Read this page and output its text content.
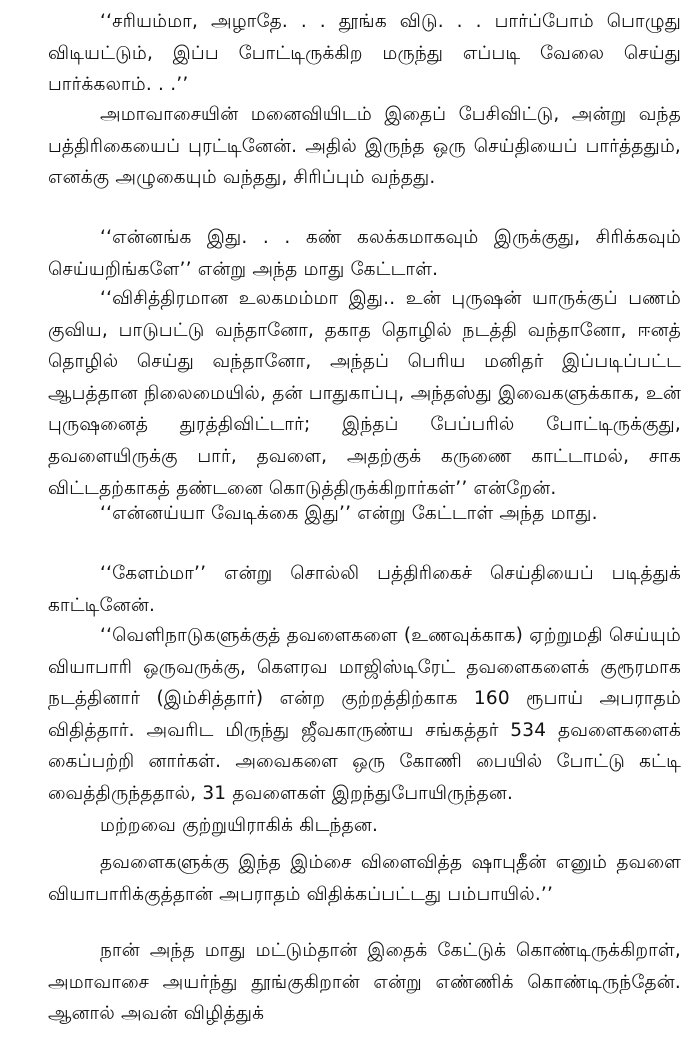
‘‘சரியம்மா, அழாதே. . . தூங்க விடு. . . பார்ப்போம் பொழுது விடியட்டும், இப்ப போட்டிருக்கிற மருந்து எப்படி வேலை செய்து பார்க்கலாம். . .’’

அமாவாசையின் மனைவியிடம் இதைப் பேசிவிட்டு, அன்று வந்த பத்திரிகையைப் புரட்டினேன். அதில் இருந்த ஒரு செய்தியைப் பார்த்ததும், எனக்கு அழுகையும் வந்தது, சிரிப்பும் வந்தது.

‘‘என்னங்க இது. . . கண் கலக்கமாகவும் இருக்குது, சிரிக்கவும் செய்யறிங்களே’’ என்று அந்த மாது கேட்டாள்.

‘‘விசித்திரமான உலகமம்மா இது.. உன் புருஷன் யாருக்குப் பணம் குவிய, பாடுபட்டு வந்தானோ, தகாத தொழில் நடத்தி வந்தானோ, ஈனத் தொழில் செய்து வந்தானோ, அந்தப் பெரிய மனிதர் இப்படிப்பட்ட ஆபத்தான நிலைமையில், தன் பாதுகாப்பு, அந்தஸ்து இவைகளுக்காக, உன் புருஷனைத் துரத்திவிட்டார்; இந்தப் பேப்பரில் போட்டிருக்குது, தவளையிருக்கு பார், தவளை, அதற்குக் கருணை காட்டாமல், சாக விட்டதற்காகத் தண்டனை கொடுத்திருக்கிறார்கள்’’ என்றேன்.

‘‘என்னய்யா வேடிக்கை இது’’ என்று கேட்டாள் அந்த மாது.

‘‘கேளம்மா’’ என்று சொல்லி பத்திரிகைச் செய்தியைப் படித்துக் காட்டினேன்.

‘‘வெளிநாடுகளுக்குத் தவளைகளை (உணவுக்காக) ஏற்றுமதி செய்யும் வியாபாரி ஒருவருக்கு, கௌரவ மாஜிஸ்டிரேட் தவளைகளைக் குரூரமாக நடத்தினார் (இம்சித்தார்) என்ற குற்றத்திற்காக 160 ரூபாய் அபராதம் விதித்தார். அவரிட மிருந்து ஜீவகாருண்ய சங்கத்தர் 534 தவளைகளைக் கைப்பற்றி னார்கள். அவைகளை ஒரு கோணி பையில் போட்டு கட்டி வைத்திருந்ததால், 31 தவளைகள் இறந்துபோயிருந்தன.

மற்றவை குற்றுயிராகிக் கிடந்தன.

தவளைகளுக்கு இந்த இம்சை விளைவித்த ஷாபுதீன் எனும் தவளை வியாபாரிக்குத்தான் அபராதம் விதிக்கப்பட்டது பம்பாயில்.’’

நான் அந்த மாது மட்டும்தான் இதைக் கேட்டுக் கொண்டிருக்கிறாள், அமாவாசை அயர்ந்து தூங்குகிறான் என்று எண்ணிக் கொண்டிருந்தேன். ஆனால் அவன் விழித்துக்
